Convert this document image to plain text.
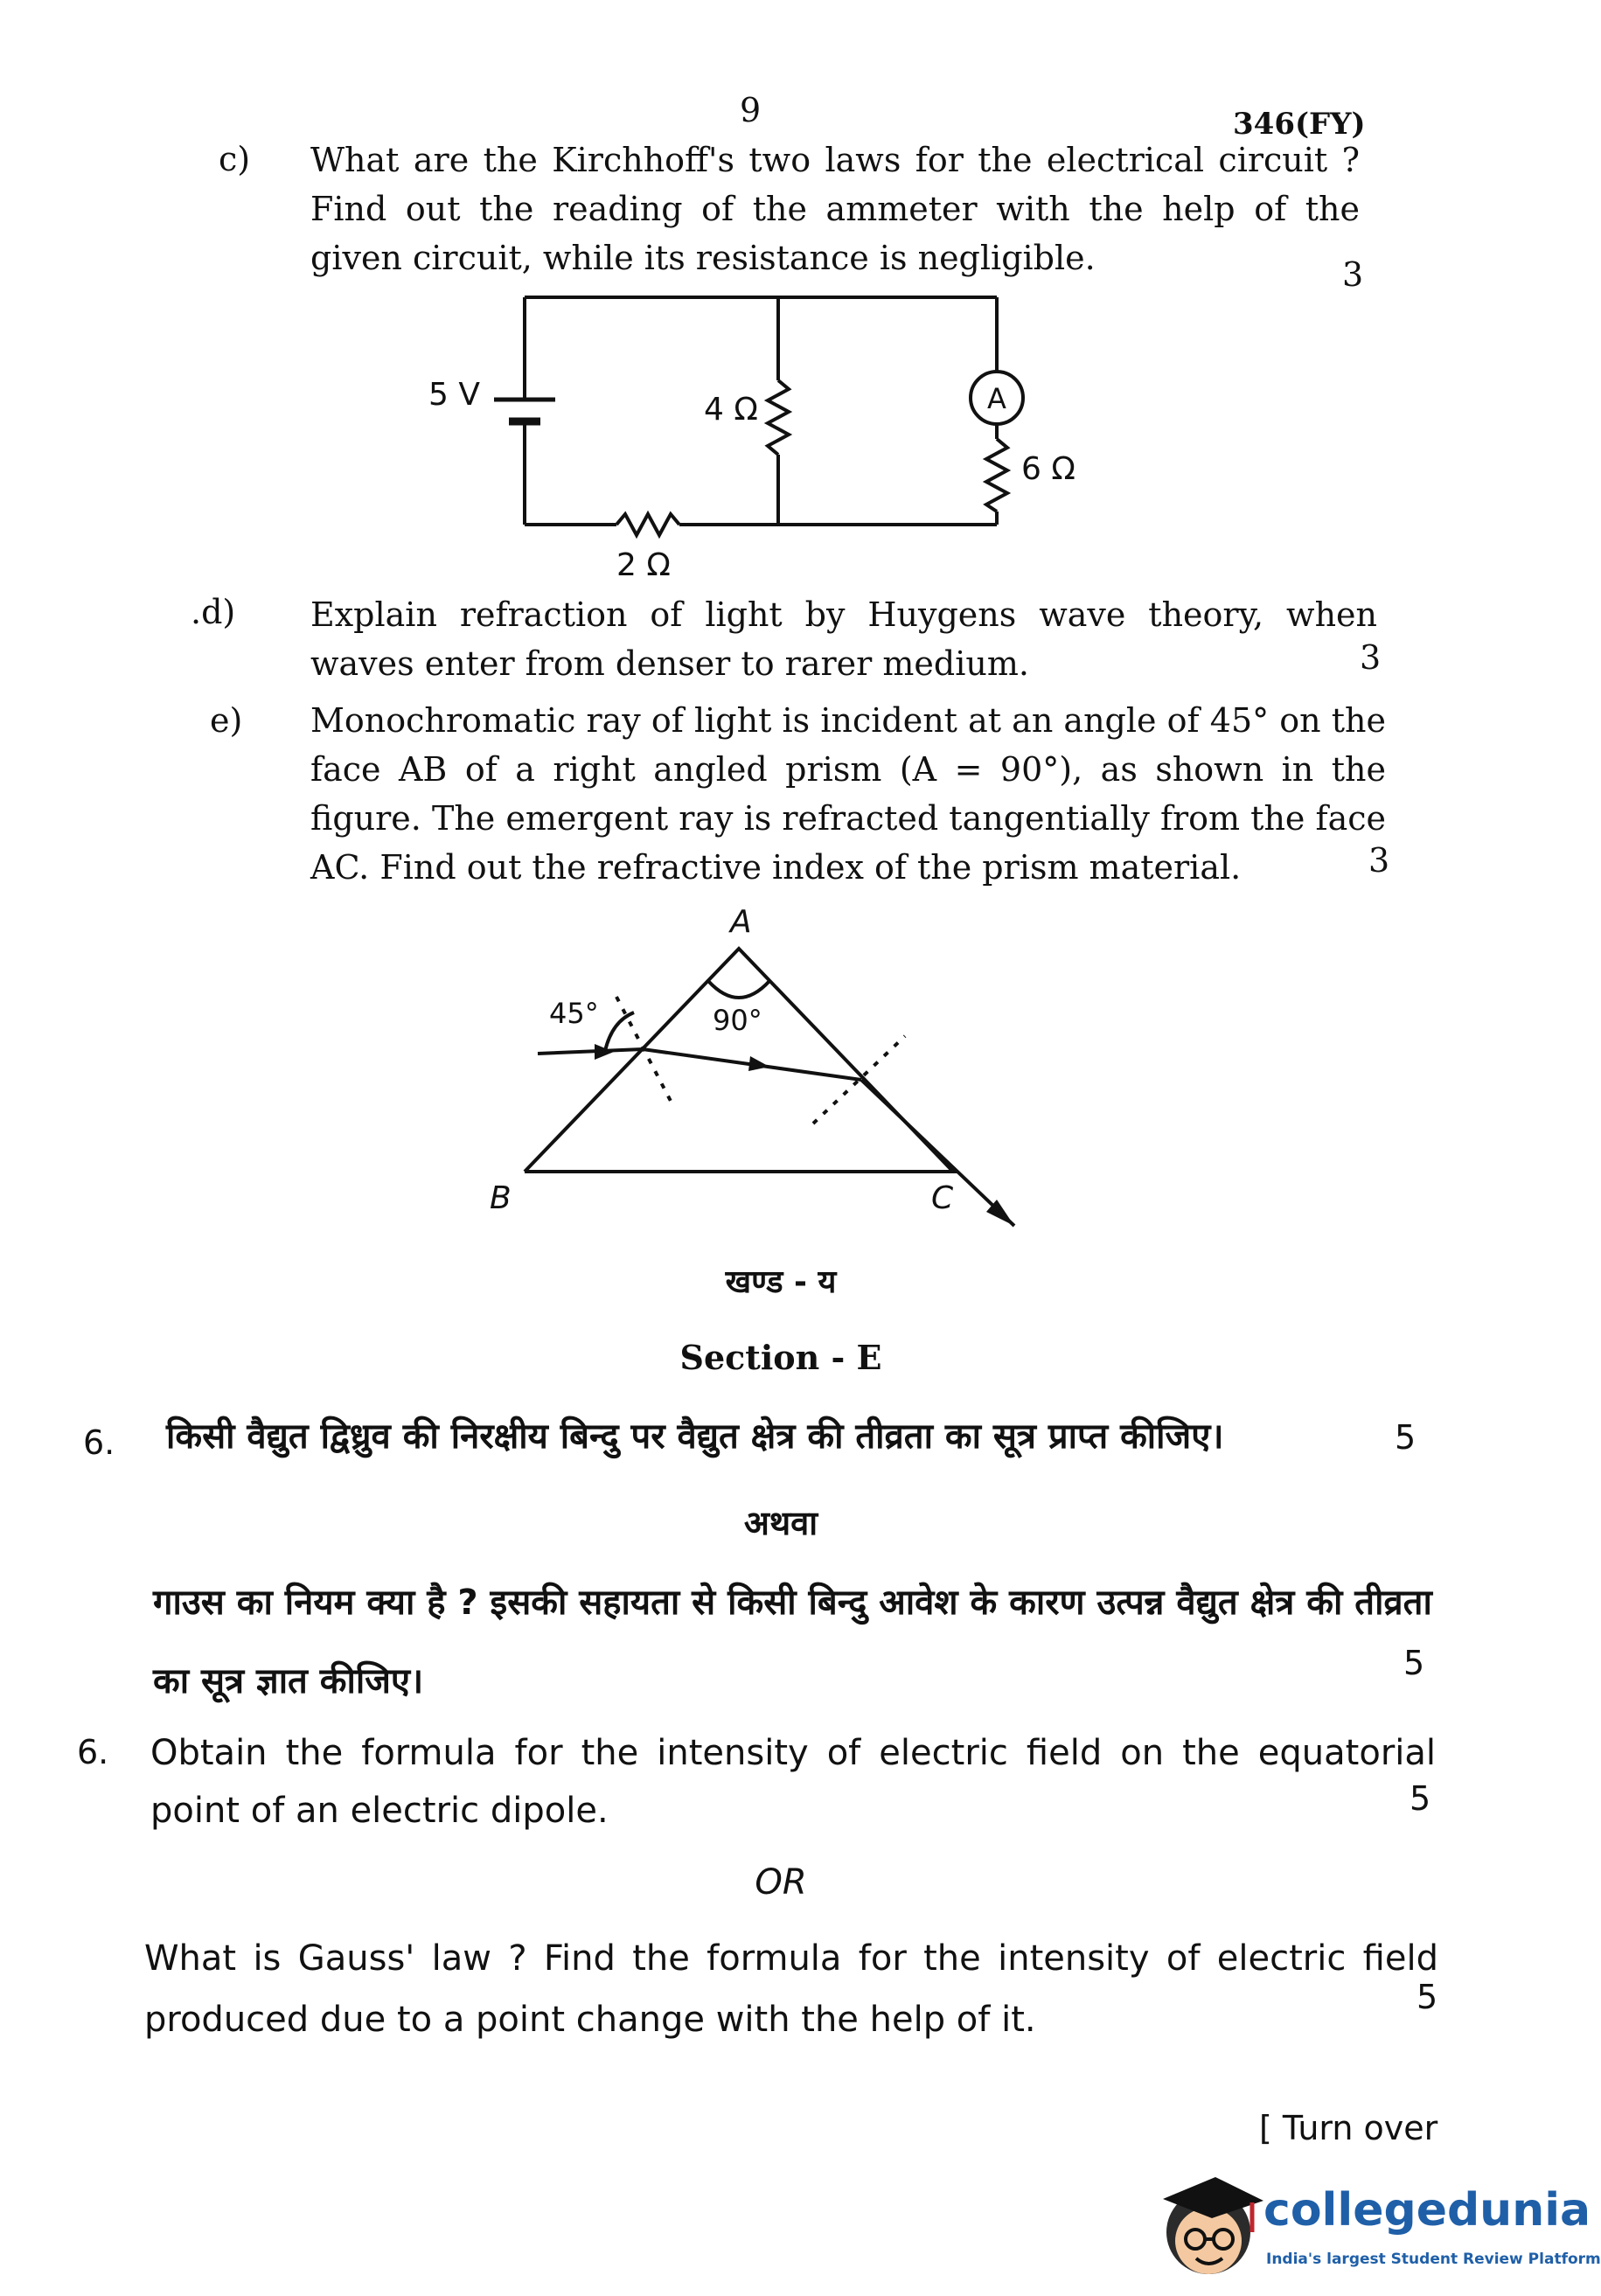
9	346(FY)
c) What are the Kirchhoff's two laws for the electrical circuit ? Find out the reading of the ammeter with the help of the given circuit, while its resistance is negligible.	3
5 V	4 Ω	A
6 Ω
2 Ω
.d) Explain refraction of light by Huygens wave theory, when waves enter from denser to rarer medium.	3
e) Monochromatic ray of light is incident at an angle of 45° on the face AB of a right angled prism (A = 90°), as shown in the figure. The emergent ray is refracted tangentially from the face AC. Find out the refractive index of the prism material.	3
A
B	C
45°	90°
खण्ड - य
Section - E
6. किसी वैद्युत द्विध्रुव की निरक्षीय बिन्दु पर वैद्युत क्षेत्र की तीव्रता का सूत्र प्राप्त कीजिए।	5
अथवा
गाउस का नियम क्या है ? इसकी सहायता से किसी बिन्दु आवेश के कारण उत्पन्न वैद्युत क्षेत्र की तीव्रता का सूत्र ज्ञात कीजिए।	5
6. Obtain the formula for the intensity of electric field on the equatorial point of an electric dipole.	5
OR
What is Gauss' law ? Find the formula for the intensity of electric field produced due to a point change with the help of it.
5
[ Turn over
collegedunia
India's largest Student Review Platform
